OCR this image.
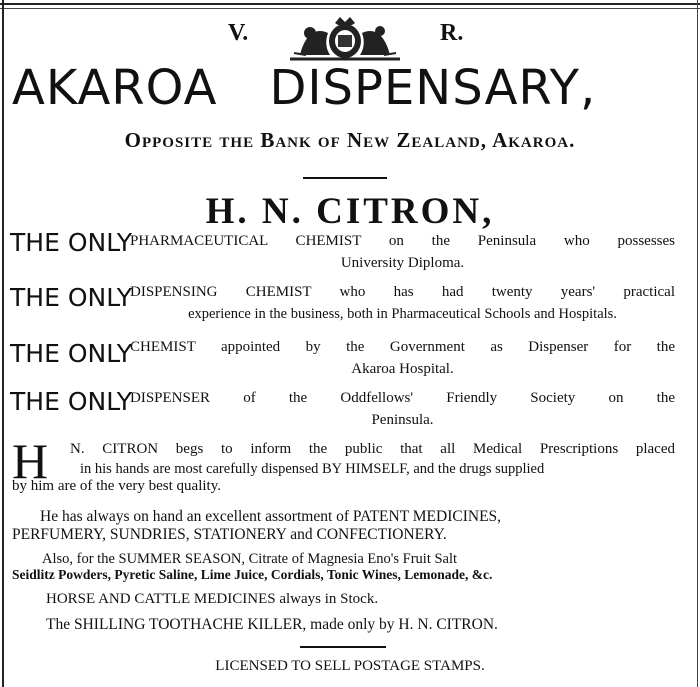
V.	R.
AKAROA DISPENSARY,
Opposite the Bank of New Zealand, Akaroa.
H. N. CITRON,
THE ONLY
PHARMACEUTICAL CHEMIST on the Peninsula who possesses
University Diploma.
THE ONLY
DISPENSING CHEMIST who has had twenty years' practical
experience in the business, both in Pharmaceutical Schools and Hospitals.
THE ONLY
CHEMIST appointed by the Government as Dispenser for the
Akaroa Hospital.
THE ONLY
DISPENSER of the Oddfellows' Friendly Society on the
Peninsula.
H N. CITRON begs to inform the public that all Medical Prescriptions placed
in his hands are most carefully dispensed BY HIMSELF, and the drugs supplied
by him are of the very best quality.
He has always on hand an excellent assortment of PATENT MEDICINES,
PERFUMERY, SUNDRIES, STATIONERY and CONFECTIONERY.
Also, for the SUMMER SEASON, Citrate of Magnesia Eno's Fruit Salt
Seidlitz Powders, Pyretic Saline, Lime Juice, Cordials, Tonic Wines, Lemonade, &c.
HORSE AND CATTLE MEDICINES always in Stock.
The SHILLING TOOTHACHE KILLER, made only by H. N. CITRON.
LICENSED TO SELL POSTAGE STAMPS.
